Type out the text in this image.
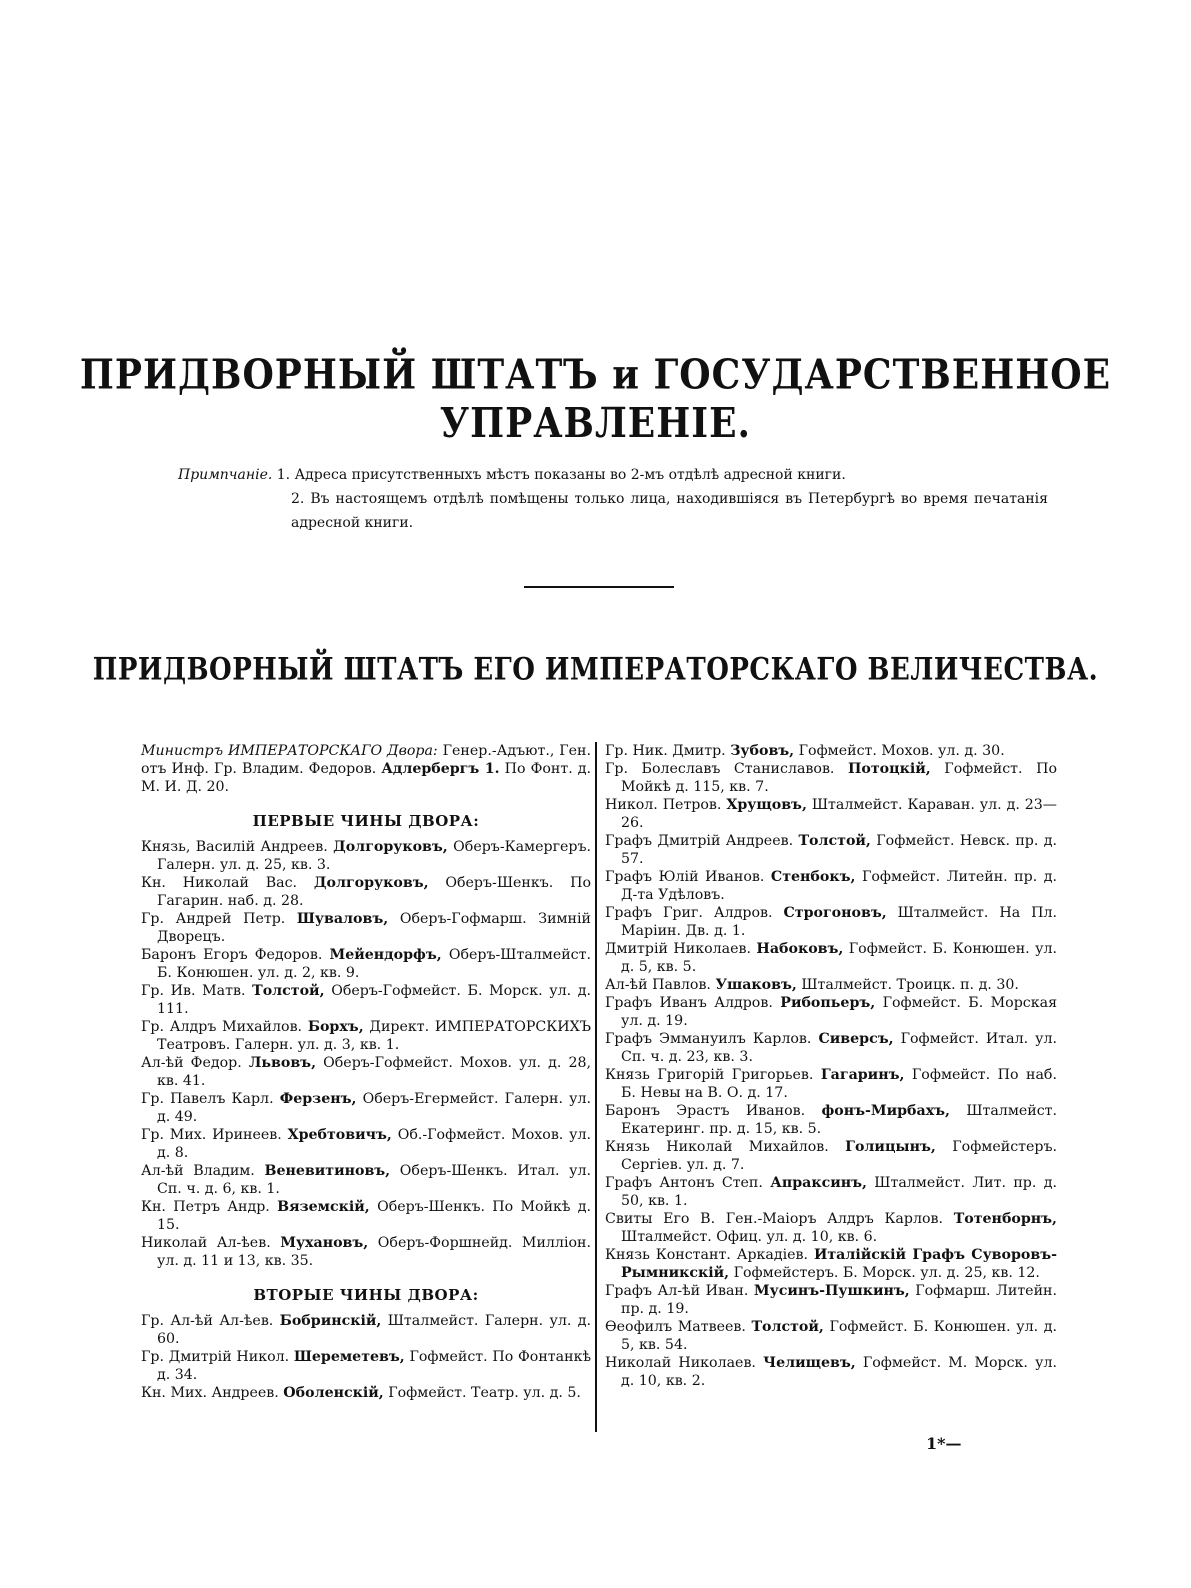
ПРИДВОРНЫЙ ШТАТЪ и ГОСУДАРСТВЕННОЕ УПРАВЛЕНІЕ.
Примпчаніе. 1. Адреса присутственныхъ мѣстъ показаны во 2-мъ отдѣлѣ адресной книги.
2. Въ настоящемъ отдѣлѣ помѣщены только лица, находившіяся въ Петербургѣ во время печатанія адресной книги.
ПРИДВОРНЫЙ ШТАТЪ ЕГО ИМПЕРАТОРСКАГО ВЕЛИЧЕСТВА.
Министръ ИМПЕРАТОРСКАГО Двора: Генер.-Адъют., Ген. отъ Инф. Гр. Владим. Федоров. Адлербергъ 1. По Фонт. д. М. И. Д. 20.
ПЕРВЫЕ ЧИНЫ ДВОРА:
Князь, Василій Андреев. Долгоруковъ, Оберъ-Камергеръ. Галерн. ул. д. 25, кв. 3.
Кн. Николай Вас. Долгоруковъ, Оберъ-Шенкъ. По Гагарин. наб. д. 28.
Гр. Андрей Петр. Шуваловъ, Оберъ-Гофмарш. Зимній Дворецъ.
Баронъ Егоръ Федоров. Мейендорфъ, Оберъ-Шталмейст. Б. Конюшен. ул. д. 2, кв. 9.
Гр. Ив. Матв. Толстой, Оберъ-Гофмейст. Б. Морск. ул. д. 111.
Гр. Алдръ Михайлов. Борхъ, Директ. ИМПЕРАТОРСКИХЪ Театровъ. Галерн. ул. д. 3, кв. 1.
Ал-ѣй Федор. Львовъ, Оберъ-Гофмейст. Мохов. ул. д. 28, кв. 41.
Гр. Павелъ Карл. Ферзенъ, Оберъ-Егермейст. Галерн. ул. д. 49.
Гр. Мих. Иринеев. Хребтовичъ, Об.-Гофмейст. Мохов. ул. д. 8.
Ал-ѣй Владим. Веневитиновъ, Оберъ-Шенкъ. Итал. ул. Сп. ч. д. 6, кв. 1.
Кн. Петръ Андр. Вяземскій, Оберъ-Шенкъ. По Мойкѣ д. 15.
Николай Ал-ѣев. Мухановъ, Оберъ-Форшнейд. Милліон. ул. д. 11 и 13, кв. 35.
ВТОРЫЕ ЧИНЫ ДВОРА:
Гр. Ал-ѣй Ал-ѣев. Бобринскій, Шталмейст. Галерн. ул. д. 60.
Гр. Дмитрій Никол. Шереметевъ, Гофмейст. По Фонтанкѣ д. 34.
Кн. Мих. Андреев. Оболенскій, Гофмейст. Театр. ул. д. 5.
Гр. Ник. Дмитр. Зубовъ, Гофмейст. Мохов. ул. д. 30.
Гр. Болеславъ Станиславов. Потоцкій, Гофмейст. По Мойкѣ д. 115, кв. 7.
Никол. Петров. Хрущовъ, Шталмейст. Караван. ул. д. 23—26.
Графъ Дмитрій Андреев. Толстой, Гофмейст. Невск. пр. д. 57.
Графъ Юлій Иванов. Стенбокъ, Гофмейст. Литейн. пр. д. Д-та Удѣловъ.
Графъ Григ. Алдров. Строгоновъ, Шталмейст. На Пл. Маріин. Дв. д. 1.
Дмитрій Николаев. Набоковъ, Гофмейст. Б. Конюшен. ул. д. 5, кв. 5.
Ал-ѣй Павлов. Ушаковъ, Шталмейст. Троицк. п. д. 30.
Графъ Иванъ Алдров. Рибопьеръ, Гофмейст. Б. Морская ул. д. 19.
Графъ Эммануилъ Карлов. Сиверсъ, Гофмейст. Итал. ул. Сп. ч. д. 23, кв. 3.
Князь Григорій Григорьев. Гагаринъ, Гофмейст. По наб. Б. Невы на В. О. д. 17.
Баронъ Эрастъ Иванов. фонъ-Мирбахъ, Шталмейст. Екатеринг. пр. д. 15, кв. 5.
Князь Николай Михайлов. Голицынъ, Гофмейстеръ. Сергіев. ул. д. 7.
Графъ Антонъ Степ. Апраксинъ, Шталмейст. Лит. пр. д. 50, кв. 1.
Свиты Его В. Ген.-Маіоръ Алдръ Карлов. Тотенборнъ, Шталмейст. Офиц. ул. д. 10, кв. 6.
Князь Констант. Аркадіев. Италійскій Графъ Суворовъ-Рымникскій, Гофмейстеръ. Б. Морск. ул. д. 25, кв. 12.
Графъ Ал-ѣй Иван. Мусинъ-Пушкинъ, Гофмарш. Литейн. пр. д. 19.
Ѳеофилъ Матвеев. Толстой, Гофмейст. Б. Конюшен. ул. д. 5, кв. 54.
Николай Николаев. Челищевъ, Гофмейст. М. Морск. ул. д. 10, кв. 2.
1*—
